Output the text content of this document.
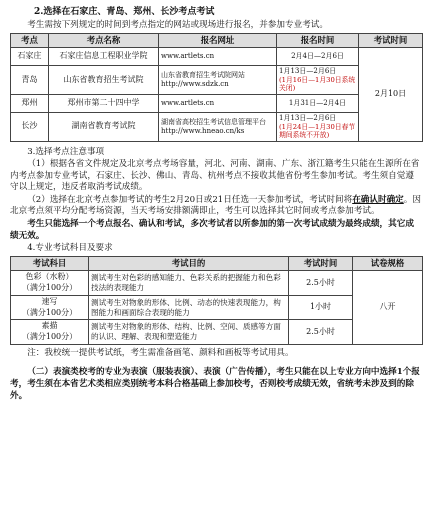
2.选择在石家庄、青岛、郑州、长沙考点考试
考生需按下列规定的时间到考点指定的网站或现场进行报名，并参加专业考试。
考点	考点名称	报名网址	报名时间	考试时间
石家庄	石家庄信息工程职业学院	www.artlets.cn	2月4日—2月6日	2月10日
青岛	山东省教育招生考试院	山东省教育招生考试院网站 http://www.sdzk.cn	1月13日—2月6日
(1月16日—1月30日系统关闭)	

郑州	郑州市第二十四中学	www.artlets.cn	1月31日—2月4日	
长沙	湖南省教育考试院	湖南省高校招生考试信息管理平台 http://www.hneao.cn/ks	1月13日—2月6日
(1月24日—1月30日春节期间系统不开放)	
3.选择考点注意事项
（1）根据各省文件规定及北京考点考场容量，河北、河南、湖南、广东、浙江籍考生只能在生源所在省内考点参加专业考试，石家庄、长沙、佛山、青岛、杭州考点不接收其他省份考生参加考试。考生须自觉遵守以上规定，违反者取消考试成绩。
（2）选择在北京考点参加考试的考生2月20日或21日任选一天参加考试，考试时间将在确认时确定。因北京考点须平均分配考场资源，当天考场安排额满即止，考生可以选择其它时间或考点参加考试。
考生只能选择一个考点报名、确认和考试，多次考试者以所参加的第一次考试成绩为最终成绩，其它成绩无效。
4.专业考试科目及要求
考试科目	考试目的	考试时间	试卷规格

色彩（水粉）
（满分100分）	测试考生对色彩的感知能力、色彩关系的把握能力和色彩技法的表现能力	2.5小时	八开

速写
（满分100分）	测试考生对物象的形体、比例、动态的快速表现能力，构图能力和画面综合表现的能力	1小时	

素描
（满分100分）	测试考生对物象的形体、结构、比例、空间、质感等方面的认识、理解、表现和塑造能力	2.5小时	
注：我校统一提供考试纸，考生需准备画笔、颜料和画板等考试用具。
（二）表演类校考的专业为表演（服装表演）、表演（广告传播），考生只能在以上专业方向中选择1个报考，考生须在本省艺术类相应类别统考本科合格基础上参加校考，否则校考成绩无效，省统考未涉及到的除外。
